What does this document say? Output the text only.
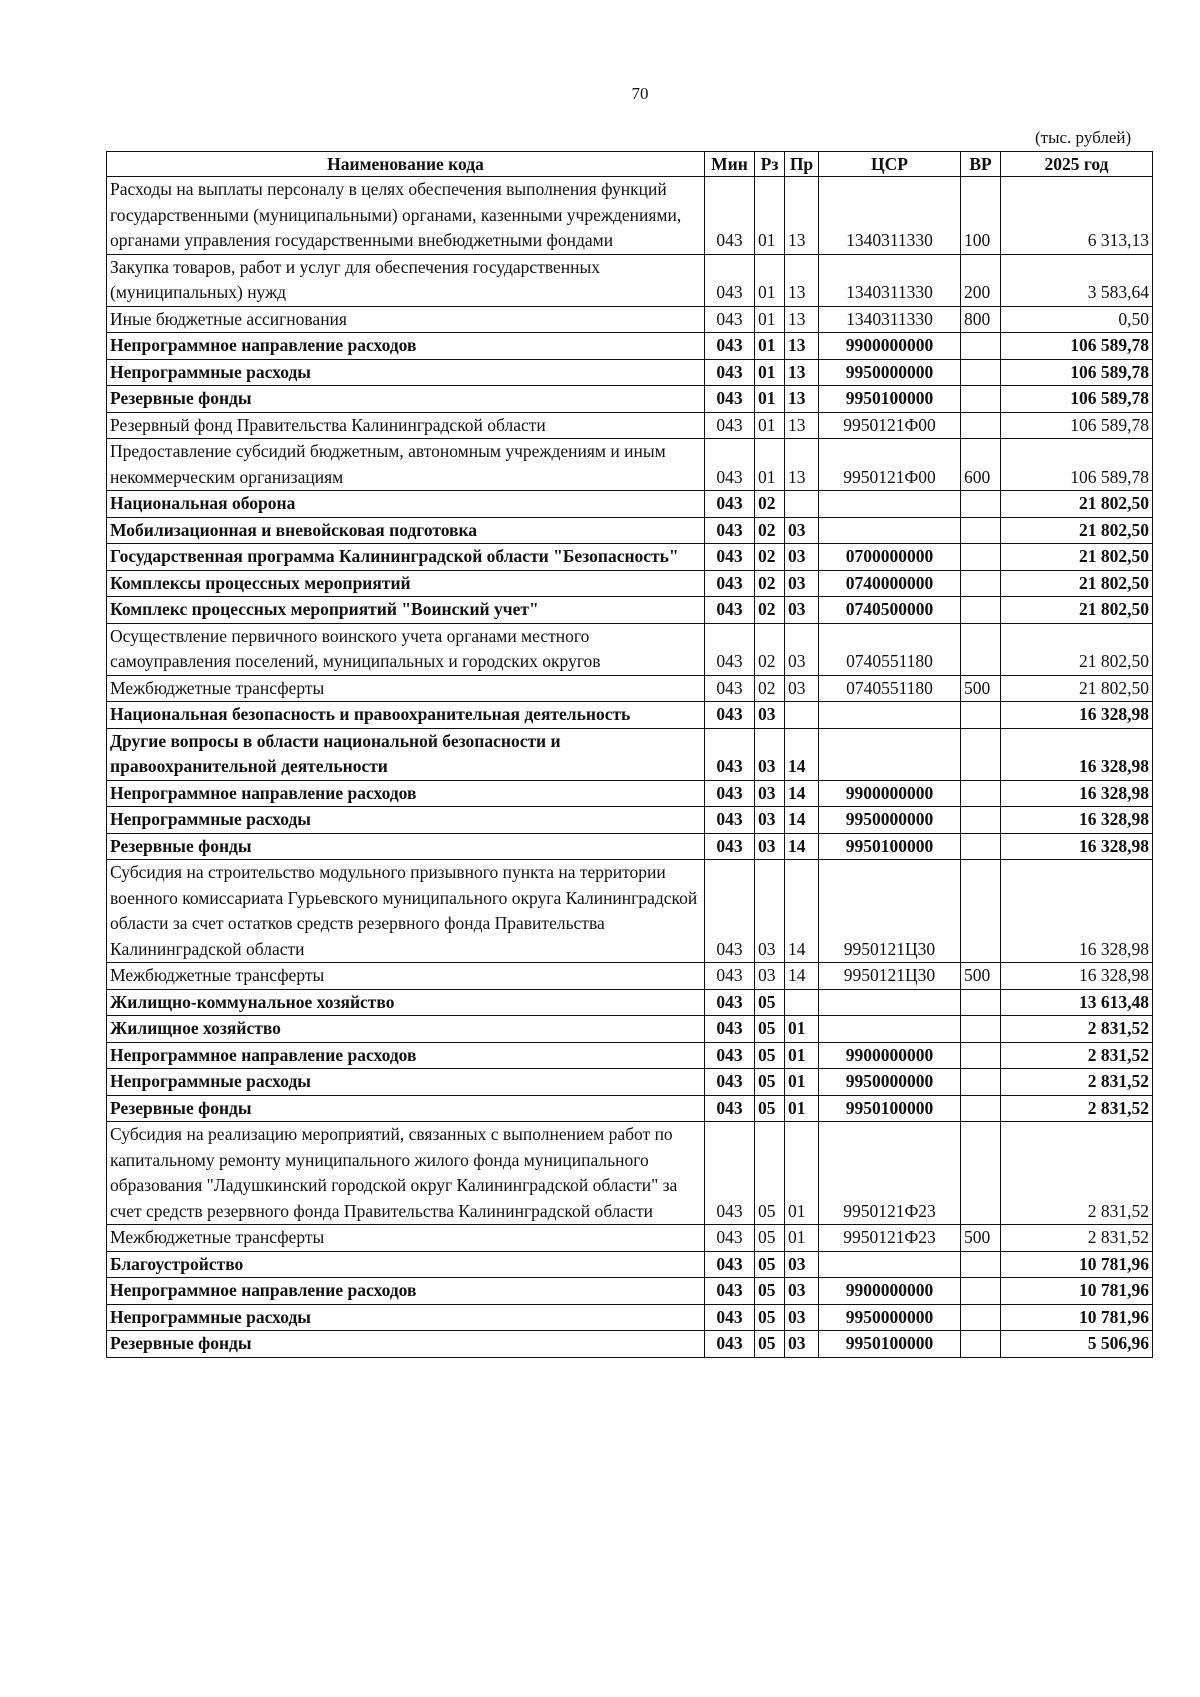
70
(тыс. рублей)
Наименование кода	Мин	Рз	Пр	ЦСР	ВР	2025 год
Расходы на выплаты персоналу в целях обеспечения выполнения функций государственными (муниципальными) органами, казенными учреждениями, органами управления государственными внебюджетными фондами	043	01	13	1340311330	100	6 313,13
Закупка товаров, работ и услуг для обеспечения государственных (муниципальных) нужд	043	01	13	1340311330	200	3 583,64
Иные бюджетные ассигнования	043	01	13	1340311330	800	0,50
Непрограммное направление расходов	043	01	13	9900000000		106 589,78
Непрограммные расходы	043	01	13	9950000000		106 589,78
Резервные фонды	043	01	13	9950100000		106 589,78
Резервный фонд Правительства Калининградской области	043	01	13	9950121Ф00		106 589,78
Предоставление субсидий бюджетным, автономным учреждениям и иным некоммерческим организациям	043	01	13	9950121Ф00	600	106 589,78
Национальная оборона	043	02				21 802,50
Мобилизационная и вневойсковая подготовка	043	02	03			21 802,50
Государственная программа Калининградской области "Безопасность"	043	02	03	0700000000		21 802,50
Комплексы процессных мероприятий	043	02	03	0740000000		21 802,50
Комплекс процессных мероприятий "Воинский учет"	043	02	03	0740500000		21 802,50
Осуществление первичного воинского учета органами местного самоуправления поселений, муниципальных и городских округов	043	02	03	0740551180		21 802,50
Межбюджетные трансферты	043	02	03	0740551180	500	21 802,50
Национальная безопасность и правоохранительная деятельность	043	03				16 328,98
Другие вопросы в области национальной безопасности и правоохранительной деятельности	043	03	14			16 328,98
Непрограммное направление расходов	043	03	14	9900000000		16 328,98
Непрограммные расходы	043	03	14	9950000000		16 328,98
Резервные фонды	043	03	14	9950100000		16 328,98
Субсидия на строительство модульного призывного пункта на территории военного комиссариата Гурьевского муниципального округа Калининградской области за счет остатков средств резервного фонда Правительства Калининградской области	043	03	14	9950121Ц30		16 328,98
Межбюджетные трансферты	043	03	14	9950121Ц30	500	16 328,98
Жилищно-коммунальное хозяйство	043	05				13 613,48
Жилищное хозяйство	043	05	01			2 831,52
Непрограммное направление расходов	043	05	01	9900000000		2 831,52
Непрограммные расходы	043	05	01	9950000000		2 831,52
Резервные фонды	043	05	01	9950100000		2 831,52
Субсидия на реализацию мероприятий, связанных с выполнением работ по капитальному ремонту муниципального жилого фонда муниципального образования "Ладушкинский городской округ Калининградской области" за счет средств резервного фонда Правительства Калининградской области	043	05	01	9950121Ф23		2 831,52
Межбюджетные трансферты	043	05	01	9950121Ф23	500	2 831,52
Благоустройство	043	05	03			10 781,96
Непрограммное направление расходов	043	05	03	9900000000		10 781,96
Непрограммные расходы	043	05	03	9950000000		10 781,96
Резервные фонды	043	05	03	9950100000		5 506,96
